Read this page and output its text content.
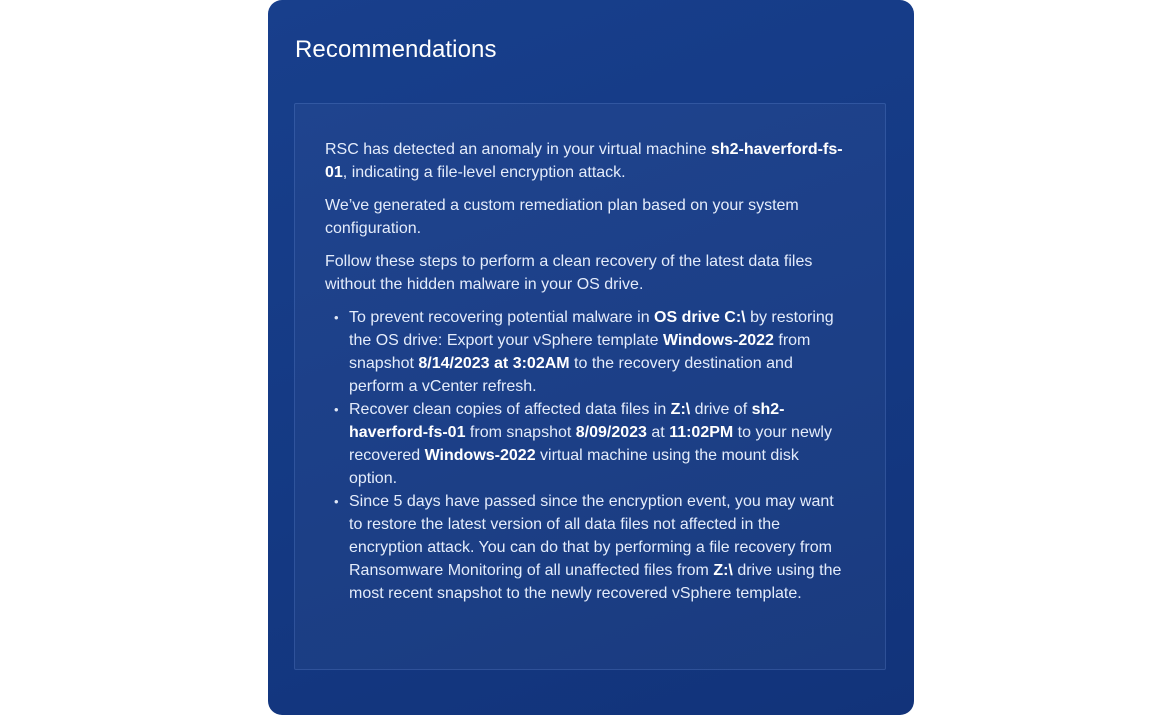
Recommendations

RSC has detected an anomaly in your virtual machine sh2-haverford-fs-01, indicating a file-level encryption attack.

We’ve generated a custom remediation plan based on your system configuration.

Follow these steps to perform a clean recovery of the latest data files without the hidden malware in your OS drive.

• To prevent recovering potential malware in OS drive C:\ by restoring the OS drive: Export your vSphere template Windows-2022 from snapshot 8/14/2023 at 3:02AM to the recovery destination and perform a vCenter refresh.
• Recover clean copies of affected data files in Z:\ drive of sh2-haverford-fs-01 from snapshot 8/09/2023 at 11:02PM to your newly recovered Windows-2022 virtual machine using the mount disk option.
• Since 5 days have passed since the encryption event, you may want to restore the latest version of all data files not affected in the encryption attack. You can do that by performing a file recovery from Ransomware Monitoring of all unaffected files from Z:\ drive using the most recent snapshot to the newly recovered vSphere template.
